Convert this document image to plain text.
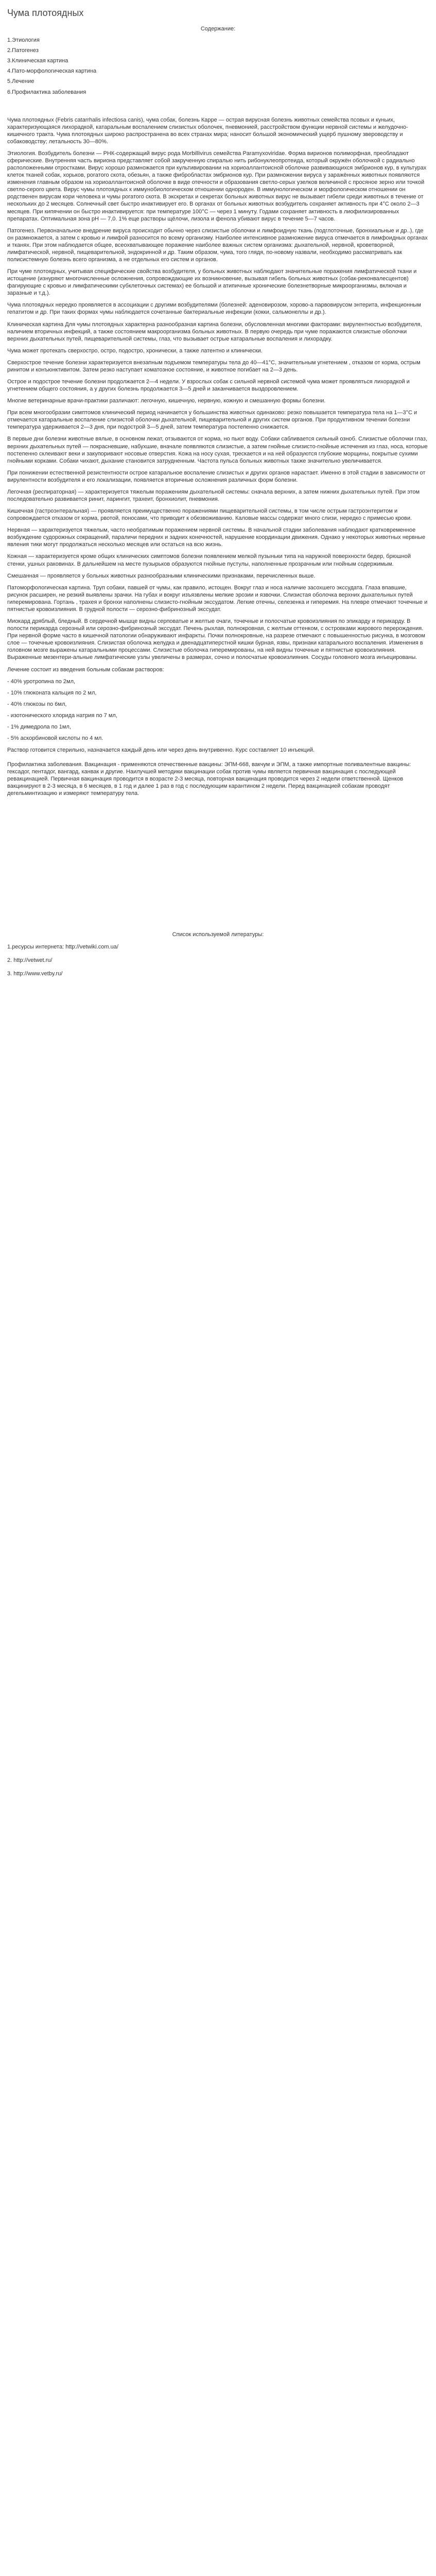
Чума плотоядных
Содержание:
1.Этиология
2.Патогенез
3.Клиническая картина
4.Пато-морфологическая картина
5.Лечение
6.Профилактика заболевания

Чума плотоядных (Febris catarrhalis infectiosa canis), чума собак, болезнь Карре — острая вирусная болезнь животных семейства псовых и куньих, характеризующаяся лихорадкой, катаральным воспалением слизистых оболочек, пневмонией, расстройством функции нервной системы и желудочно-кишечного тракта. Чума плотоядных широко распространена во всех странах мира; наносит большой экономический ущерб пушному звероводству и собаководству; летальность 30—80%.

Этиология. Возбудитель болезни — РНК-содержащий вирус рода Morbillivirus семейства Paramyxoviridae. Форма вирионов полиморфная, преобладают сферические. Внутренняя часть вириона представляет собой закрученную спиралью нить рибонуклеопротеида, который окружён оболочкой с радиально расположенными отростками. Вирус хорошо размножается при культивировании на хориоаллантоисной оболочке развивающихся эмбрионов кур, в культурах клеток тканей собак, хорьков, рогатого скота, обезьян, а также фибробластах эмбрионов кур. При размножении вируса у заражённых животных появляются изменения главным образом на хориоаллантоисной оболочке в виде отечности и образования светло-серых узелков величиной с просяное зерно или точкой светло-серого цвета. Вирус чумы плотоядных к иммунобиологическом отношении однороден. В иммунологическом и морфологическом отношении он родственен вирусам кори человека и чумы рогатого скота. В экскретах и секретах больных животных вирус не вызывает гибели среди животных в течение от нескольких до 2 месяцев. Солнечный свет быстро инактивирует его. В органах от больных животных возбудитель сохраняет активность при 4°С около 2—3 месяцев. При кипячении он быстро инактивируется: при температуре 100°С — через 1 минуту. Годами сохраняет активность в лиофилизированных препаратах. Оптимальная зона рН — 7,0. 1% еще растворы щёлочи, лизола и фенола убивают вирус в течение 5—7 часов.

Патогенез. Первоначальное внедрение вируса происходит обычно через слизистые оболочки и лимфоидную ткань (подглоточные, бронхиальные и др..), где он размножается, а затем с кровью и лимфой разносится по всему организму. Наиболее интенсивное размножение вируса отмечается в лимфоидных органах и тканях. При этом наблюдается общее, всеохватывающее поражение наиболее важных систем организма: дыхательной, нервной, кроветворной, лимфатической, нервной, пищеварительной, эндокринной и др. Таким образом, чума, того глядя, по-новому назвали, необходимо рассматривать как полисистемную болезнь всего организма, а не отдельных его систем и органов.

При чуме плотоядных, учитывая специфические свойства возбудителя, у больных животных наблюдают значительные поражения лимфатической ткани и истощение (изнуряют многочисленные осложнения, сопровождающие их возникновение, вызывая гибель больных животных (собак-реконвалесцентов) фагирующие с кровью и лимфатическими субклеточных системах) ее большой и атипичные хронические болезнетворные микроорганизмы, включая и заразные и т.д.).

Чума плотоядных нередко проявляется в ассоциации с другими возбудителями (болезней: аденовирозом, хорово-а парвовирусом энтерита, инфекционным гепатитом и др. При таких формах чумы наблюдается сочетанные бактериальные инфекции (кокки, сальмонеллы и др.).

Клиническая картина Для чумы плотоядных характерна разнообразная картина болезни, обусловленная многими факторами: вирулентностью возбудителя, наличием вторичных инфекций, а также состоянием макроорганизма больных животных. В первую очередь при чуме поражаются слизистые оболочки верхних дыхательных путей, пищеварительной системы, глаз, что вызывает острые катаральные воспаления и лихорадку.

Чума может протекать сверхостро, остро, подостро, хронически, а также латентно и клинически.

Сверхострое течение болезни характеризуется внезапным подъемом температуры тела до 40—41°С, значительным угнетением , отказом от корма, острым ринитом и конъюнктивитом. Затем резко наступает коматозное состояние, и животное погибает на 2—3 день.

Острое и подострое течение болезни продолжается 2—4 недели. У взрослых собак с сильной нервной системой чума может проявляться лихорадкой и угнетением общего состояния, а у других болезнь продолжается 3—5 дней и заканчивается выздоровлением.

Многие ветеринарные врачи-практики различают: легочную, кишечную, нервную, кожную и смешанную формы болезни.

При всем многообразии симптомов клинический период начинается у большинства животных одинаково: резко повышается температура тела на 1—3°С и отмечается катаральные воспаление слизистой оболочки дыхательной, пищеварительной и других систем органов. При продуктивном течении болезни температура удерживается 2—3 дня, при подострой 3—5 дней, затем температура постепенно снижается.

В первые дни болезни животные вялые, в основном лежат, отзываются от корма, но пьют воду. Собаки сабливается сильный озноб. Слизистые оболочки глаз, верхних дыхательных путей — покрасневшие, набухшие, вначале появляются слизистые, а затем гнойные слизисто-гнойные истечения из глаз, носа, которые постепенно склеивают веки и закупоривают носовые отверстия. Кожа на носу сухая, трескается и на ней образуются глубокие морщины, покрытые сухими гнойными корками. Собаки чихают, дыхание становится затрудненным. Частота пульса больных животных также значительно увеличивается.

При понижении естественной резистентности острое катаральное воспаление слизистых и других органов нарастает. Именно в этой стадии в зависимости от вирулентности возбудителя и его локализации, появляется вторичные осложнения различных форм болезни.

Легочная (респираторная) — характеризуется тяжелым поражениям дыхательной системы: сначала верхних, а затем нижних дыхательных путей. При этом последовательно развивается ринит, ларингит, трахеит, бронхиолит, пневмония.

Кишечная (гастроэнтеральная) — проявляется преимущественно поражениями пищеварительной системы, в том числе острым гастроэнтеритом и сопровождается отказом от корма, рвотой, поносами, что приводит к обезвоживанию. Каловые массы содержат много слизи, нередко с примесью крови.

Нервная — характеризуется тяжелым, часто необратимым поражением нервной системы. В начальной стадии заболевания наблюдают кратковременное возбуждение судорожных сокращений, параличи передних и задних конечностей, нарушение координации движения. Однако у некоторых животных нервные явления тики могут продолжаться несколько месяцев или остаться на всю жизнь.

Кожная — характеризуется кроме общих клинических симптомов болезни появлением мелкой пузыньки типа на наружной поверхности бедер, брюшной стенки, ушных раковинах. В дальнейшем на месте пузырьков образуются гнойные пустулы, наполненные прозрачным или гнойным содержимым.

Смешанная — проявляется у больных животных разнообразными клиническими признаками, перечисленных выше.

Патоморфологическая картина. Труп собаки, павшей от чумы, как правило, истощен. Вокруг глаз и носа наличие засохшего экссудата. Глаза впавшие, рисунок расширен, не резкий выявлены зрачки. На губах и вокруг изъязвлены мелкие эрозии и язвочки. Слизистая оболочка верхних дыхательных путей гиперемирована. Гортань , трахея и бронхи наполнены слизисто-гнойным экссудатом. Легкие отечны, селезенка и гиперемия. На плевре отмечают точечные и пятнистые кровоизлияния. В грудной полости — серозно-фибринозный экссудат.

Миокард дряблый, бледный. В сердечной мышце видны серповатые и желтые очаги, точечные и полосчатые кровоизлияния по эпикарду и перикарду. В полости перикарда серозный или серозно-фибринозный экссудат. Печень рыхлая, полнокровная, с желтым оттенком, с островками жирового перерождения. При нервной форме часто в кишечной патологии обнаруживают инфаркты. Почки полнокровные, на разрезе отмечают с повышенностью рисунка, в мозговом слое — точечные кровоизлияния. Слизистая оболочка желудка и двенадцатиперстной кишки бурная, язвы, признаки катарального воспаления. Изменения в головном мозге выражены катаральными процессами. Слизистые оболочка гиперемированы, на ней видны точечные и пятнистые кровоизлияния. Выраженные мезентери-альные лимфатические узлы увеличены в размерах, сочно и полосчатые кровоизлияния. Сосуды головного мозга инъецированы.

Лечение состоит из введения больным собакам растворов:

- 40% уротропина по 2мл,
- 10% глюконата кальция по 2 мл,
- 40% глюкозы по 6мл,
- изотонического хлорида натрия по 7 мл,
- 1% димедрола по 1мл,
- 5% аскорбиновой кислоты по 4 мл.

Раствор готовится стерильно, назначается каждый день или через день внутривенно. Курс составляет 10 инъекций.

Профилактика заболевания. Вакцинация - применяются отечественные вакцины: ЭПМ-668, вакчум и ЭПМ, а также импортные поливалентные вакцины: гексадог, пентадог, вангард, канвак и другие. Наилучшей методики вакцинации собак против чумы является первичная вакцинация с последующей ревакцинацией. Первичная вакцинация проводится в возрасте 2-3 месяца, повторная вакцинация проводится через 2 недели ответственной. Щенков вакцинируют в 2-3 месяца, в 6 месяцев, в 1 год и далее 1 раз в год с последующим карантином 2 недели. Перед вакцинацией собакам проводят дегельминтизацию и измеряют температуру тела.

Список используемой литературы:
1.ресурсы интернета: http://vetwiki.com.ua/
2. http://vetwet.ru/
3. http://www.vetby.ru/
